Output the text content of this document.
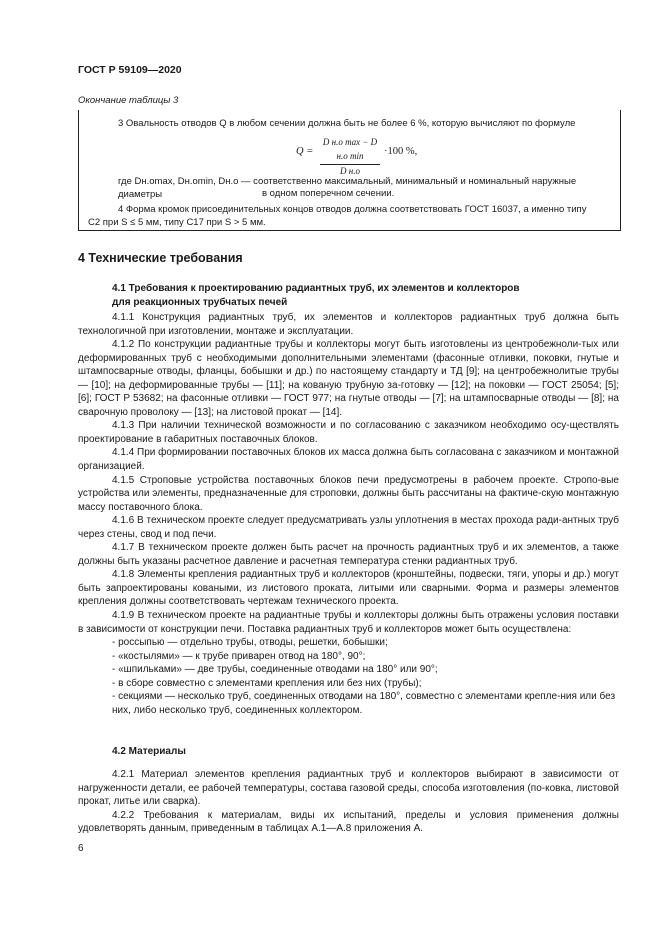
ГОСТ Р 59109—2020
Окончание таблицы 3
3 Овальность отводов Q в любом сечении должна быть не более 6 %, которую вычисляют по формуле
Q =
D н.о max − D н.о min
D н.о
·100 %,
где Dн.оmax, Dн.оmin, Dн.о — соответственно максимальный, минимальный и номинальный наружные диаметры	в одном поперечном сечении.
4 Форма кромок присоединительных концов отводов должна соответствовать ГОСТ 16037, а именно типу
С2 при S ≤ 5 мм, типу С17 при S > 5 мм.
4 Технические требования
4.1 Требования к проектированию радиантных труб, их элементов и коллекторов
для реакционных трубчатых печей

4.1.1 Конструкция радиантных труб, их элементов и коллекторов радиантных труб должна быть технологичной при изготовлении, монтаже и эксплуатации.

4.1.2 По конструкции радиантные трубы и коллекторы могут быть изготовлены из центробежноли-тых или деформированных труб с необходимыми дополнительными элементами (фасонные отливки, поковки, гнутые и штампосварные отводы, фланцы, бобышки и др.) по настоящему стандарту и ТД [9]; на центробежнолитые трубы — [10]; на деформированные трубы — [11]; на кованую трубную за-готовку — [12]; на поковки — ГОСТ 25054; [5]; [6]; ГОСТ Р 53682; на фасонные отливки — ГОСТ 977; на гнутые отводы — [7]; на штампосварные отводы — [8]; на сварочную проволоку — [13]; на листовой прокат — [14].

4.1.3 При наличии технической возможности и по согласованию с заказчиком необходимо осу-ществлять проектирование в габаритных поставочных блоков.

4.1.4 При формировании поставочных блоков их масса должна быть согласована с заказчиком и монтажной организацией.

4.1.5 Строповые устройства поставочных блоков печи предусмотрены в рабочем проекте. Стропо-вые устройства или элементы, предназначенные для строповки, должны быть рассчитаны на фактиче-скую монтажную массу поставочного блока.

4.1.6 В техническом проекте следует предусматривать узлы уплотнения в местах прохода ради-антных труб через стены, свод и под печи.

4.1.7 В техническом проекте должен быть расчет на прочность радиантных труб и их элементов, а также должны быть указаны расчетное давление и расчетная температура стенки радиантных труб.

4.1.8 Элементы крепления радиантных труб и коллекторов (кронштейны, подвески, тяги, упоры и др.) могут быть запроектированы коваными, из листового проката, литыми или сварными. Форма и размеры элементов крепления должны соответствовать чертежам технического проекта.

4.1.9 В техническом проекте на радиантные трубы и коллекторы должны быть отражены условия поставки в зависимости от конструкции печи. Поставка радиантных труб и коллекторов может быть осуществлена:

- россыпью — отдельно трубы, отводы, решетки, бобышки;

- «костылями» — к трубе приварен отвод на 180°, 90°;

- «шпильками» — две трубы, соединенные отводами на 180° или 90°;

- в сборе совместно с элементами крепления или без них (трубы);

- секциями — несколько труб, соединенных отводами на 180°, совместно с элементами крепле-ния или без них, либо несколько труб, соединенных коллектором.

4.2 Материалы

4.2.1 Материал элементов крепления радиантных труб и коллекторов выбирают в зависимости от нагруженности детали, ее рабочей температуры, состава газовой среды, способа изготовления (по-ковка, листовой прокат, литье или сварка).

4.2.2 Требования к материалам, виды их испытаний, пределы и условия применения должны удовлетворять данным, приведенным в таблицах А.1—А.8 приложения А.

6
